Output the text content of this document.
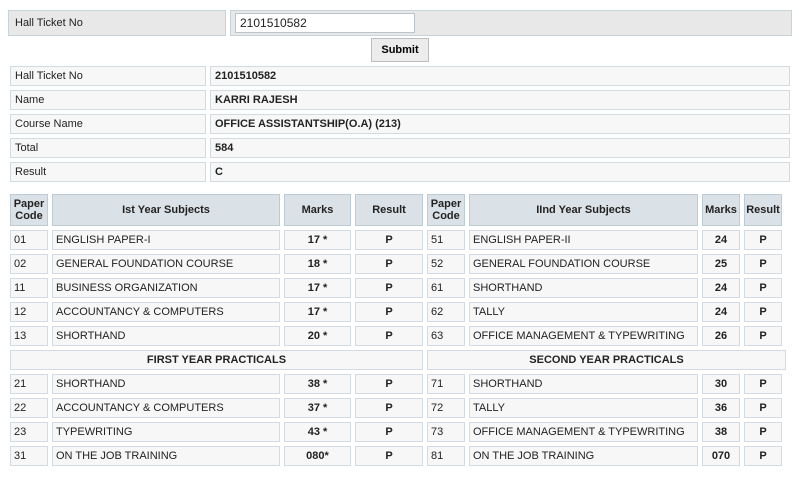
Hall Ticket No
2101510582
Submit
Hall Ticket No	2101510582
Name	KARRI RAJESH
Course Name	OFFICE ASSISTANTSHIP(O.A) (213)
Total	584
Result	C
Paper Code	Ist Year Subjects	Marks	Result	Paper Code	IInd Year Subjects	Marks Result
01	ENGLISH PAPER-I	17 *	P	51	ENGLISH PAPER-II	24	P
02	GENERAL FOUNDATION COURSE	18 *	P	52	GENERAL FOUNDATION COURSE	25	P
11	BUSINESS ORGANIZATION	17 *	P	61	SHORTHAND	24	P
12	ACCOUNTANCY & COMPUTERS	17 *	P	62	TALLY	24	P
13	SHORTHAND	20 *	P	63	OFFICE MANAGEMENT & TYPEWRITING	26	P
FIRST YEAR PRACTICALS	SECOND YEAR PRACTICALS
21	SHORTHAND	38 *	P	71	SHORTHAND	30	P
22	ACCOUNTANCY & COMPUTERS	37 *	P	72	TALLY	36	P
23	TYPEWRITING	43 *	P	73	OFFICE MANAGEMENT & TYPEWRITING	38	P
31	ON THE JOB TRAINING	080*	P	81	ON THE JOB TRAINING	070	P
